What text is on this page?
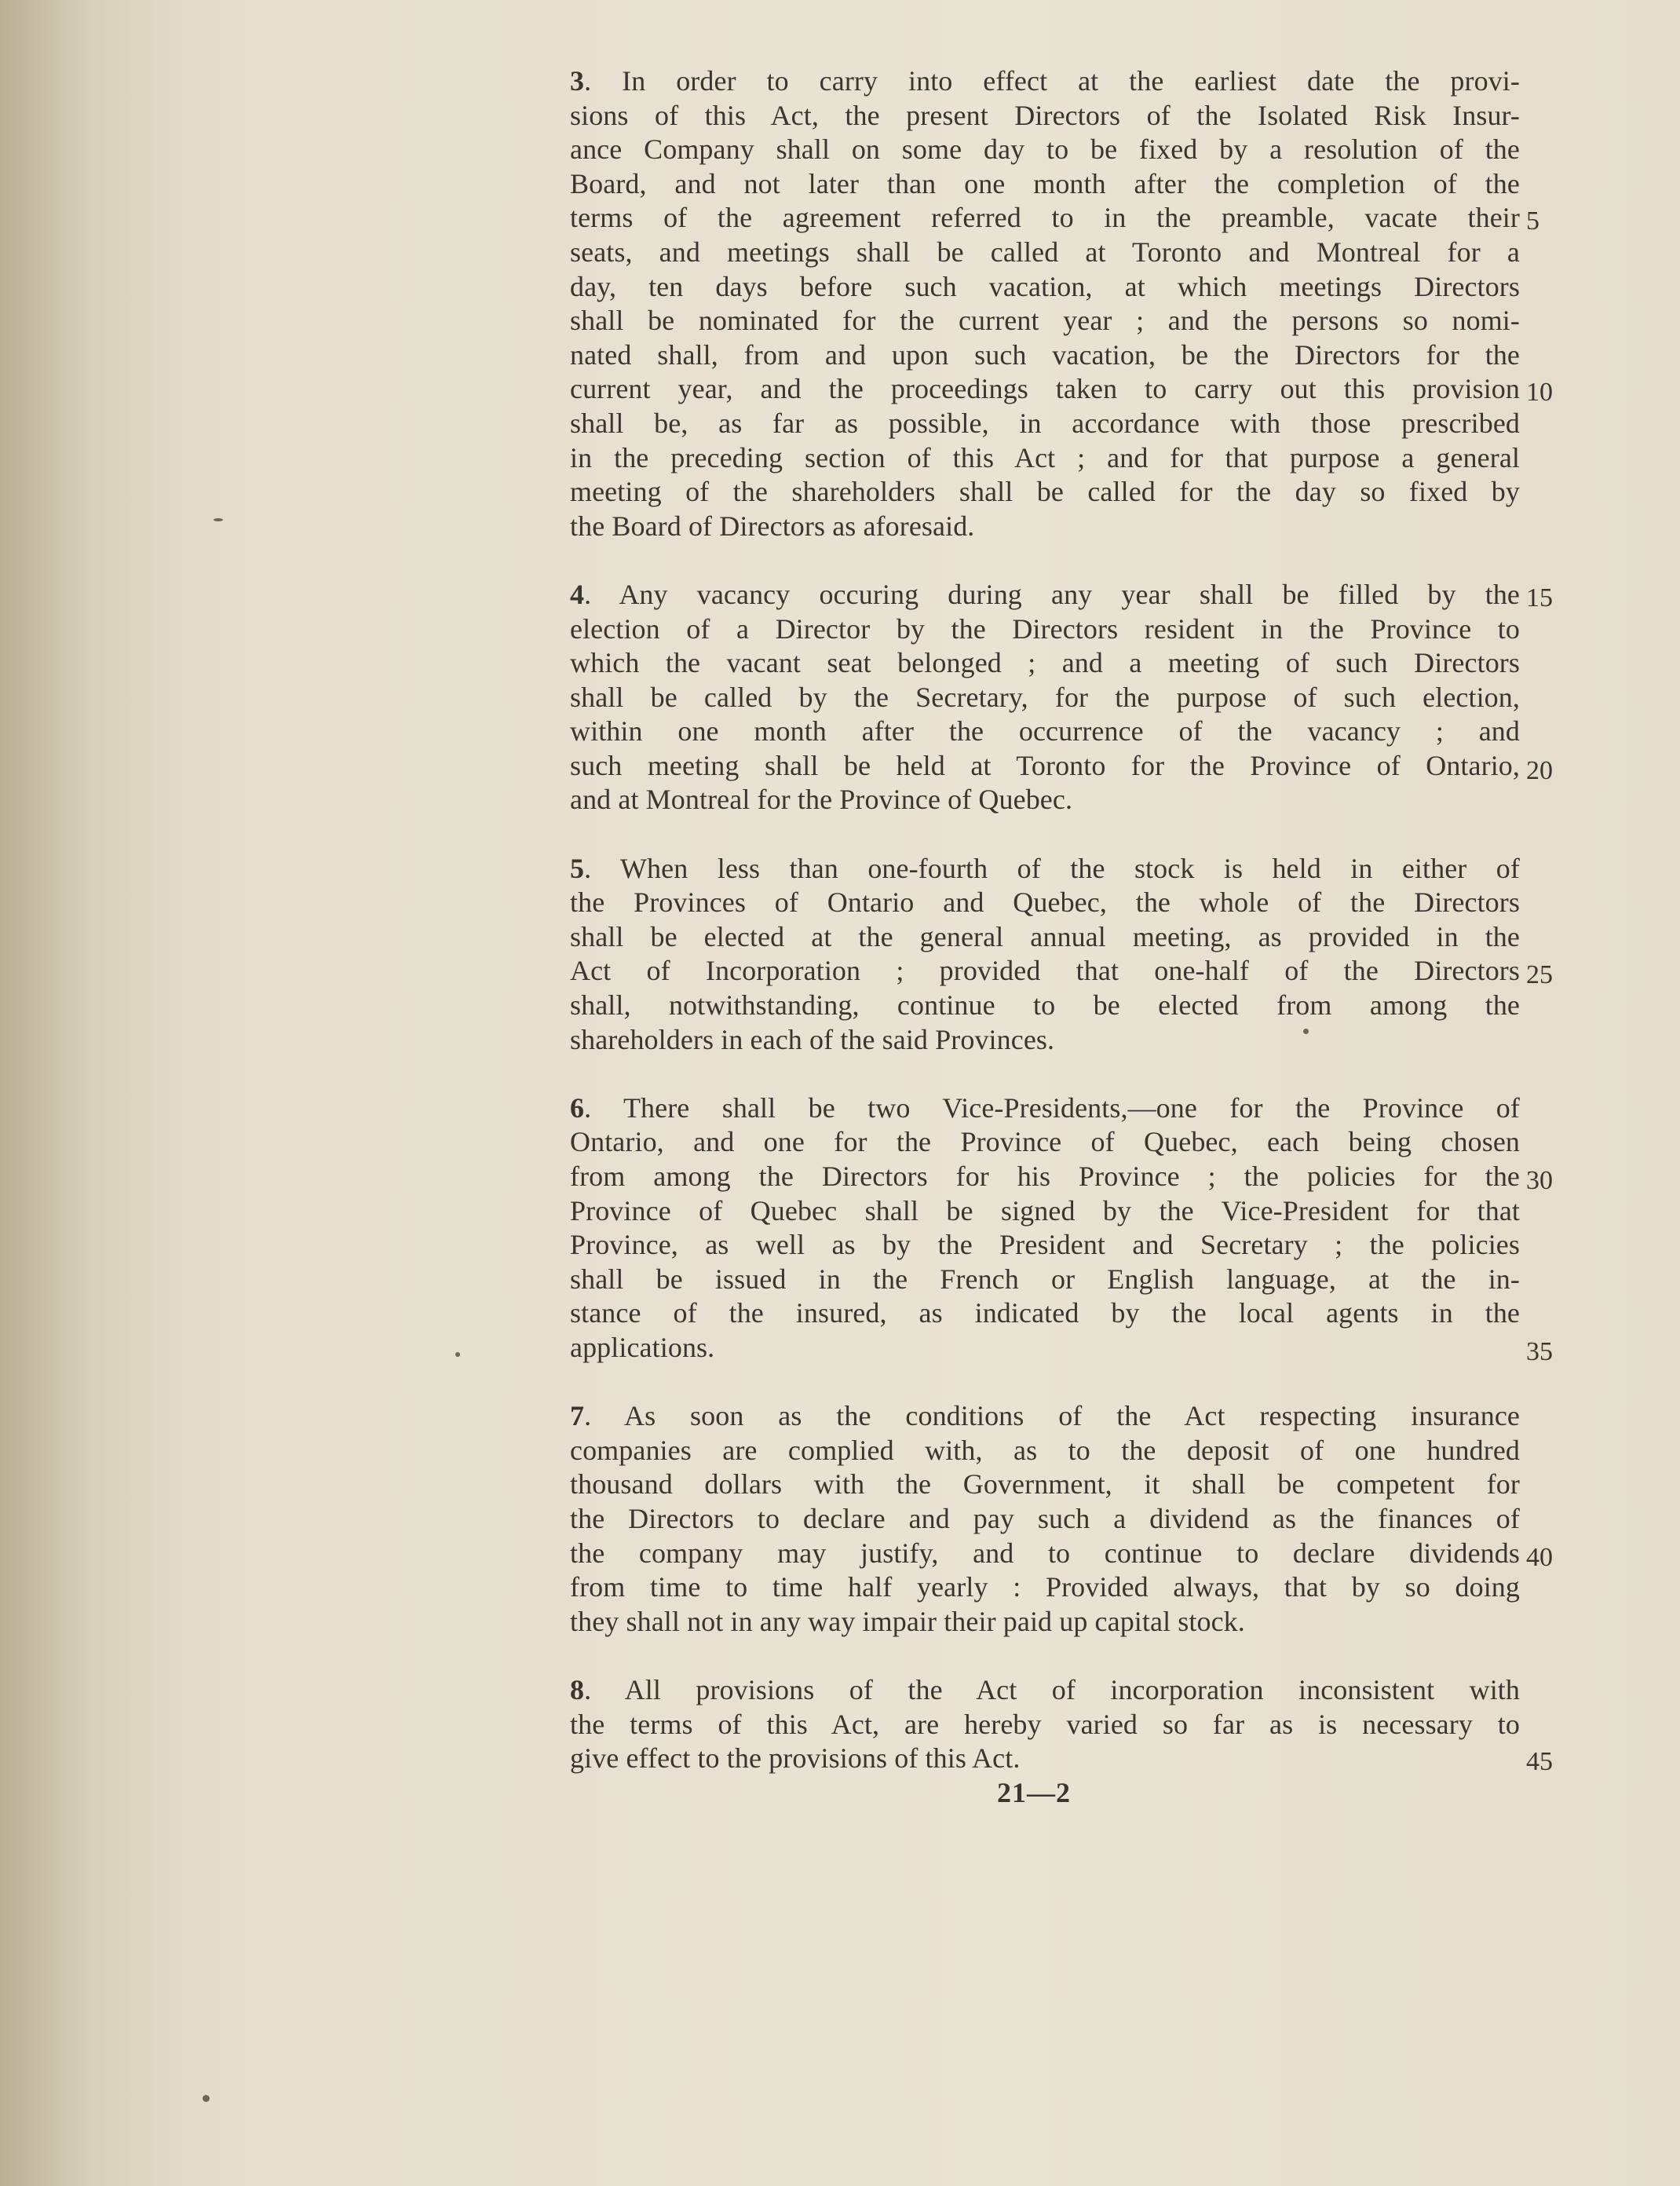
3. In order to carry into effect at the earliest date the provi-
sions of this Act, the present Directors of the Isolated Risk Insur-
ance Company shall on some day to be fixed by a resolution of the
Board, and not later than one month after the completion of the
terms of the agreement referred to in the preamble, vacate their
seats, and meetings shall be called at Toronto and Montreal for a
day, ten days before such vacation, at which meetings Directors
shall be nominated for the current year ; and the persons so nomi-
nated shall, from and upon such vacation, be the Directors for the
current year, and the proceedings taken to carry out this provision
shall be, as far as possible, in accordance with those prescribed
in the preceding section of this Act ; and for that purpose a general
meeting of the shareholders shall be called for the day so fixed by
the Board of Directors as aforesaid.
4. Any vacancy occuring during any year shall be filled by the
election of a Director by the Directors resident in the Province to
which the vacant seat belonged ; and a meeting of such Directors
shall be called by the Secretary, for the purpose of such election,
within one month after the occurrence of the vacancy ; and
such meeting shall be held at Toronto for the Province of Ontario,
and at Montreal for the Province of Quebec.
5. When less than one-fourth of the stock is held in either of
the Provinces of Ontario and Quebec, the whole of the Directors
shall be elected at the general annual meeting, as provided in the
Act of Incorporation ; provided that one-half of the Directors
shall, notwithstanding, continue to be elected from among the
shareholders in each of the said Provinces.
6. There shall be two Vice-Presidents,—one for the Province of
Ontario, and one for the Province of Quebec, each being chosen
from among the Directors for his Province ; the policies for the
Province of Quebec shall be signed by the Vice-President for that
Province, as well as by the President and Secretary ; the policies
shall be issued in the French or English language, at the in-
stance of the insured, as indicated by the local agents in the
applications.
7. As soon as the conditions of the Act respecting insurance
companies are complied with, as to the deposit of one hundred
thousand dollars with the Government, it shall be competent for
the Directors to declare and pay such a dividend as the finances of
the company may justify, and to continue to declare dividends
from time to time half yearly : Provided always, that by so doing
they shall not in any way impair their paid up capital stock.
8. All provisions of the Act of incorporation inconsistent with
the terms of this Act, are hereby varied so far as is necessary to
give effect to the provisions of this Act.
5
10
15
20
25
30
35
40
45
21—2
